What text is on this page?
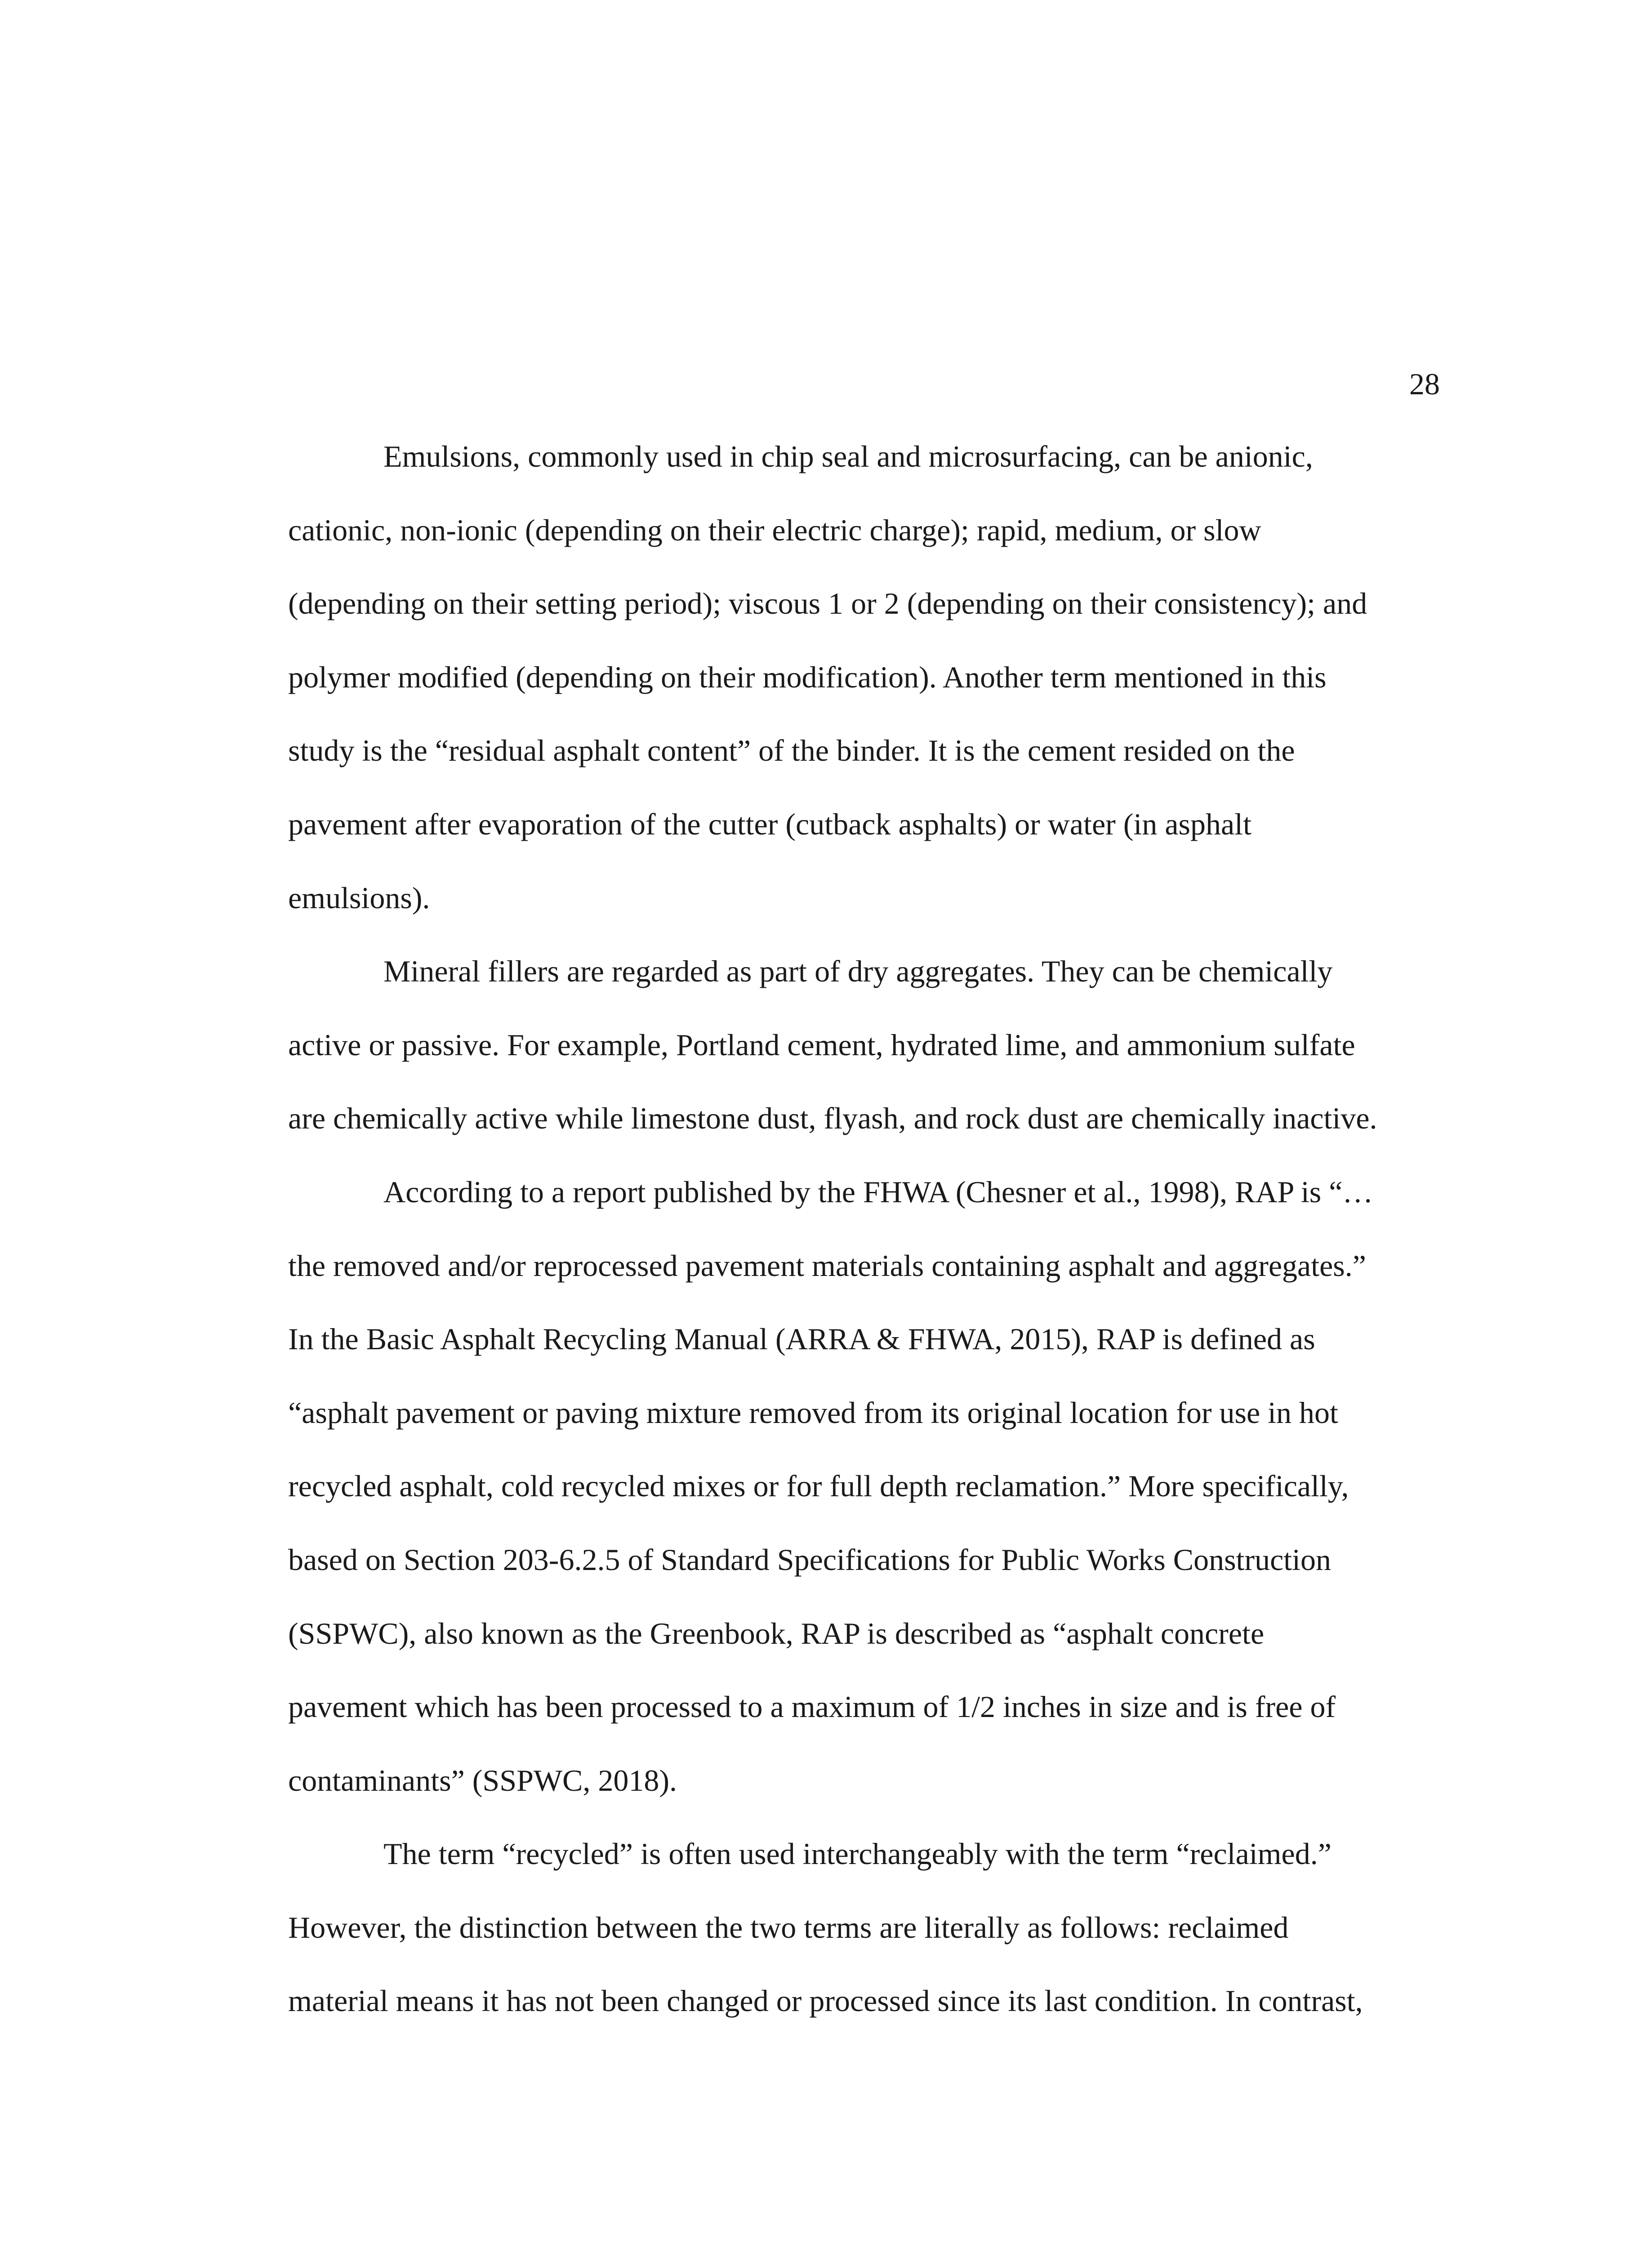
28
Emulsions, commonly used in chip seal and microsurfacing, can be anionic,
cationic, non-ionic (depending on their electric charge); rapid, medium, or slow
(depending on their setting period); viscous 1 or 2 (depending on their consistency); and
polymer modified (depending on their modification). Another term mentioned in this
study is the “residual asphalt content” of the binder. It is the cement resided on the
pavement after evaporation of the cutter (cutback asphalts) or water (in asphalt
emulsions).
Mineral fillers are regarded as part of dry aggregates. They can be chemically
active or passive. For example, Portland cement, hydrated lime, and ammonium sulfate
are chemically active while limestone dust, flyash, and rock dust are chemically inactive.
According to a report published by the FHWA (Chesner et al., 1998), RAP is “…
the removed and/or reprocessed pavement materials containing asphalt and aggregates.”
In the Basic Asphalt Recycling Manual (ARRA & FHWA, 2015), RAP is defined as
“asphalt pavement or paving mixture removed from its original location for use in hot
recycled asphalt, cold recycled mixes or for full depth reclamation.” More specifically,
based on Section 203-6.2.5 of Standard Specifications for Public Works Construction
(SSPWC), also known as the Greenbook, RAP is described as “asphalt concrete
pavement which has been processed to a maximum of 1/2 inches in size and is free of
contaminants” (SSPWC, 2018).
The term “recycled” is often used interchangeably with the term “reclaimed.”
However, the distinction between the two terms are literally as follows: reclaimed
material means it has not been changed or processed since its last condition. In contrast,
